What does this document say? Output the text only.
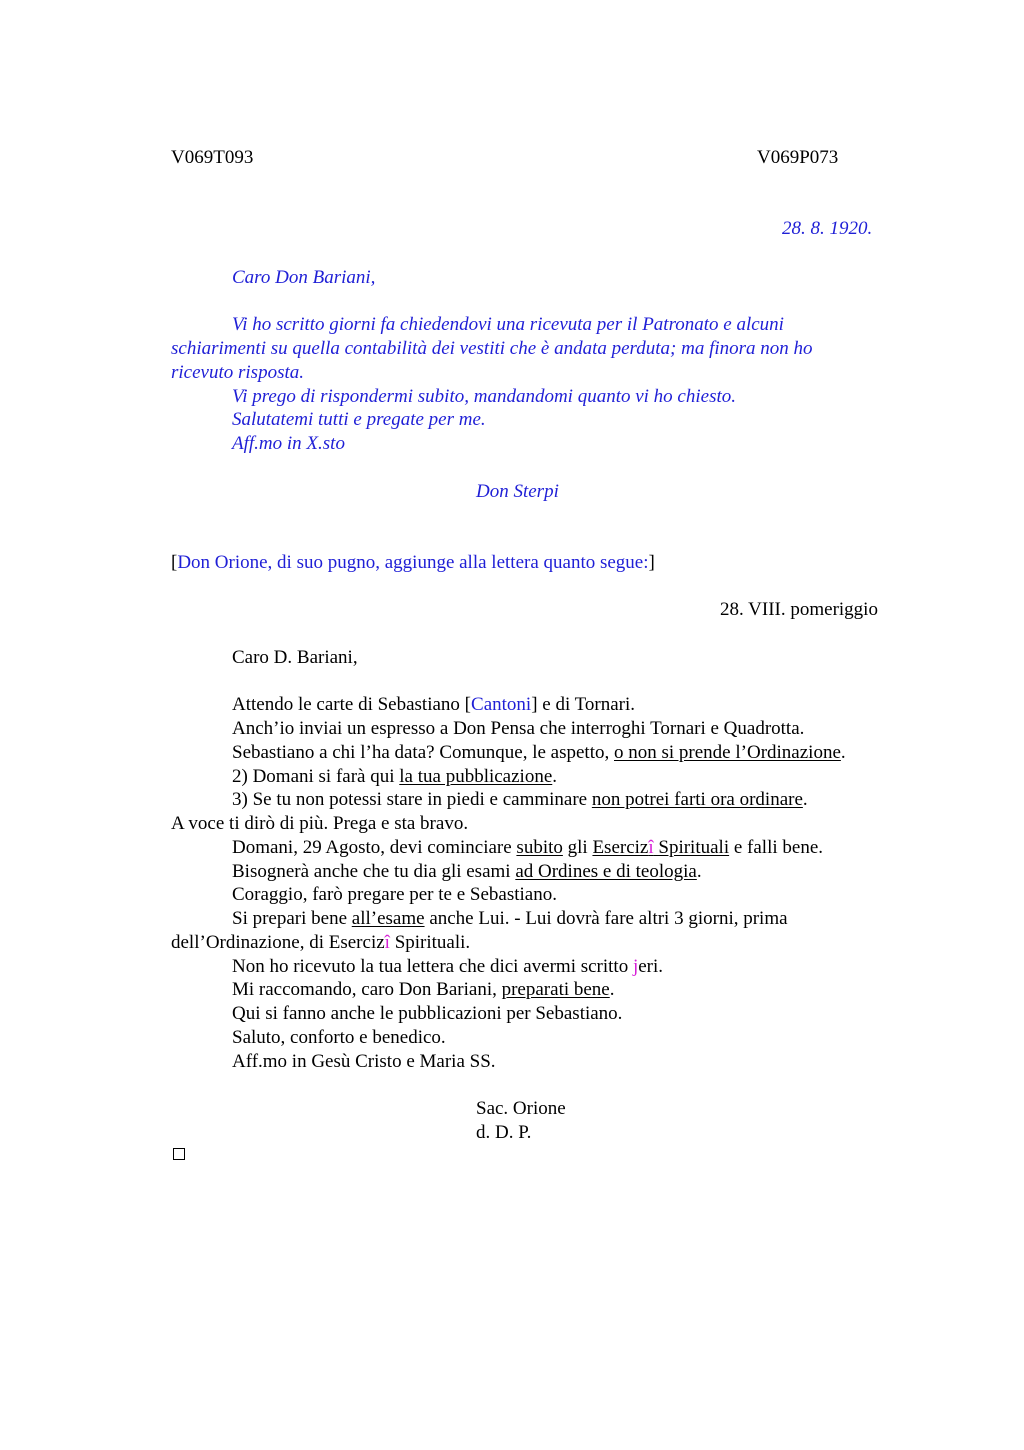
V069T093	V069P073
28. 8. 1920.
Caro Don Bariani,
Vi ho scritto giorni fa chiedendovi una ricevuta per il Patronato e alcuni
schiarimenti su quella contabilità dei vestiti che è andata perduta; ma finora non ho
ricevuto risposta.
Vi prego di rispondermi subito, mandandomi quanto vi ho chiesto.
Salutatemi tutti e pregate per me.
Aff.mo in X.sto
Don Sterpi
[Don Orione, di suo pugno, aggiunge alla lettera quanto segue:]
28. VIII. pomeriggio
Caro D. Bariani,
Attendo le carte di Sebastiano [Cantoni] e di Tornari.
Anch’io inviai un espresso a Don Pensa che interroghi Tornari e Quadrotta.
Sebastiano a chi l’ha data? Comunque, le aspetto, o non si prende l’Ordinazione.
2) Domani si farà qui la tua pubblicazione.
3) Se tu non potessi stare in piedi e camminare non potrei farti ora ordinare.
A voce ti dirò di più. Prega e sta bravo.
Domani, 29 Agosto, devi cominciare subito gli Esercizî Spirituali e falli bene.
Bisognerà anche che tu dia gli esami ad Ordines e di teologia.
Coraggio, farò pregare per te e Sebastiano.
Si prepari bene all’esame anche Lui. - Lui dovrà fare altri 3 giorni, prima
dell’Ordinazione, di Esercizî Spirituali.
Non ho ricevuto la tua lettera che dici avermi scritto jeri.
Mi raccomando, caro Don Bariani, preparati bene.
Qui si fanno anche le pubblicazioni per Sebastiano.
Saluto, conforto e benedico.
Aff.mo in Gesù Cristo e Maria SS.
Sac. Orione
d. D. P.
